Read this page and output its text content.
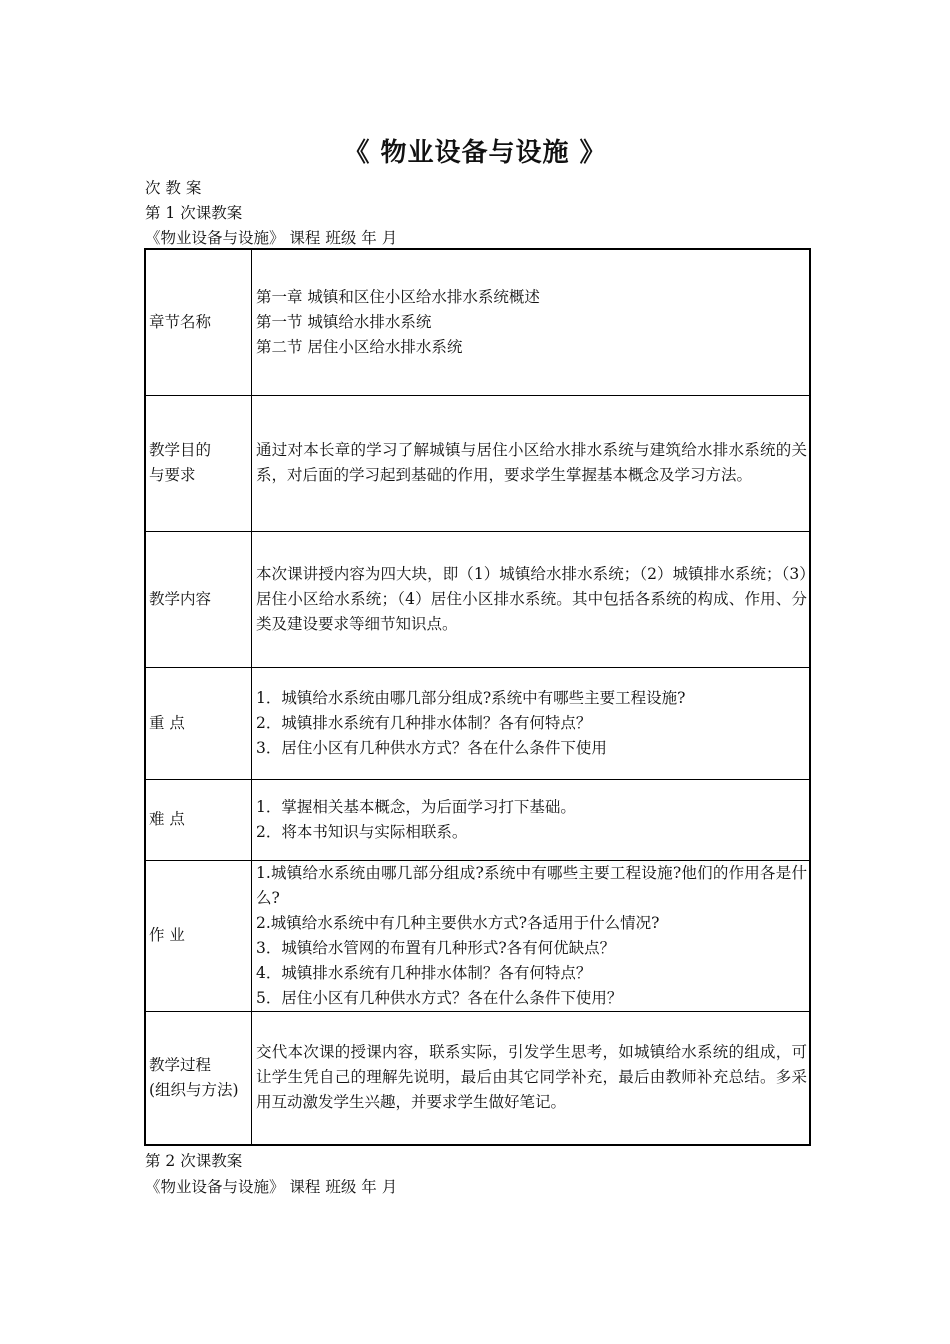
《 物业设备与设施 》
次 教 案
第 1 次课教案
《物业设备与设施》 课程 班级 年 月
章节名称	第一章 城镇和区住小区给水排水系统概述
第一节 城镇给水排水系统
第二节 居住小区给水排水系统

教学目的
与要求	通过对本长章的学习了解城镇与居住小区给水排水系统与建筑给水排水系统的关系，对后面的学习起到基础的作用，要求学生掌握基本概念及学习方法。
教学内容	本次课讲授内容为四大块，即（1）城镇给水排水系统；（2）城镇排水系统；（3）居住小区给水系统；（4）居住小区排水系统。其中包括各系统的构成、作用、分类及建设要求等细节知识点。
重 点	1．城镇给水系统由哪几部分组成?系统中有哪些主要工程设施?
2．城镇排水系统有几种排水体制？各有何特点？
3．居住小区有几种供水方式？各在什么条件下使用

难 点	1．掌握相关基本概念，为后面学习打下基础。
2．将本书知识与实际相联系。

作 业	1.城镇给水系统由哪几部分组成?系统中有哪些主要工程设施?他们的作用各是什么?
2.城镇给水系统中有几种主要供水方式?各适用于什么情况?
3．城镇给水管网的布置有几种形式?各有何优缺点？
4．城镇排水系统有几种排水体制？各有何特点？
5．居住小区有几种供水方式？各在什么条件下使用？

教学过程
(组织与方法)	交代本次课的授课内容，联系实际，引发学生思考，如城镇给水系统的组成，可让学生凭自己的理解先说明，最后由其它同学补充，最后由教师补充总结。多采用互动激发学生兴趣，并要求学生做好笔记。
第 2 次课教案
《物业设备与设施》 课程 班级 年 月
